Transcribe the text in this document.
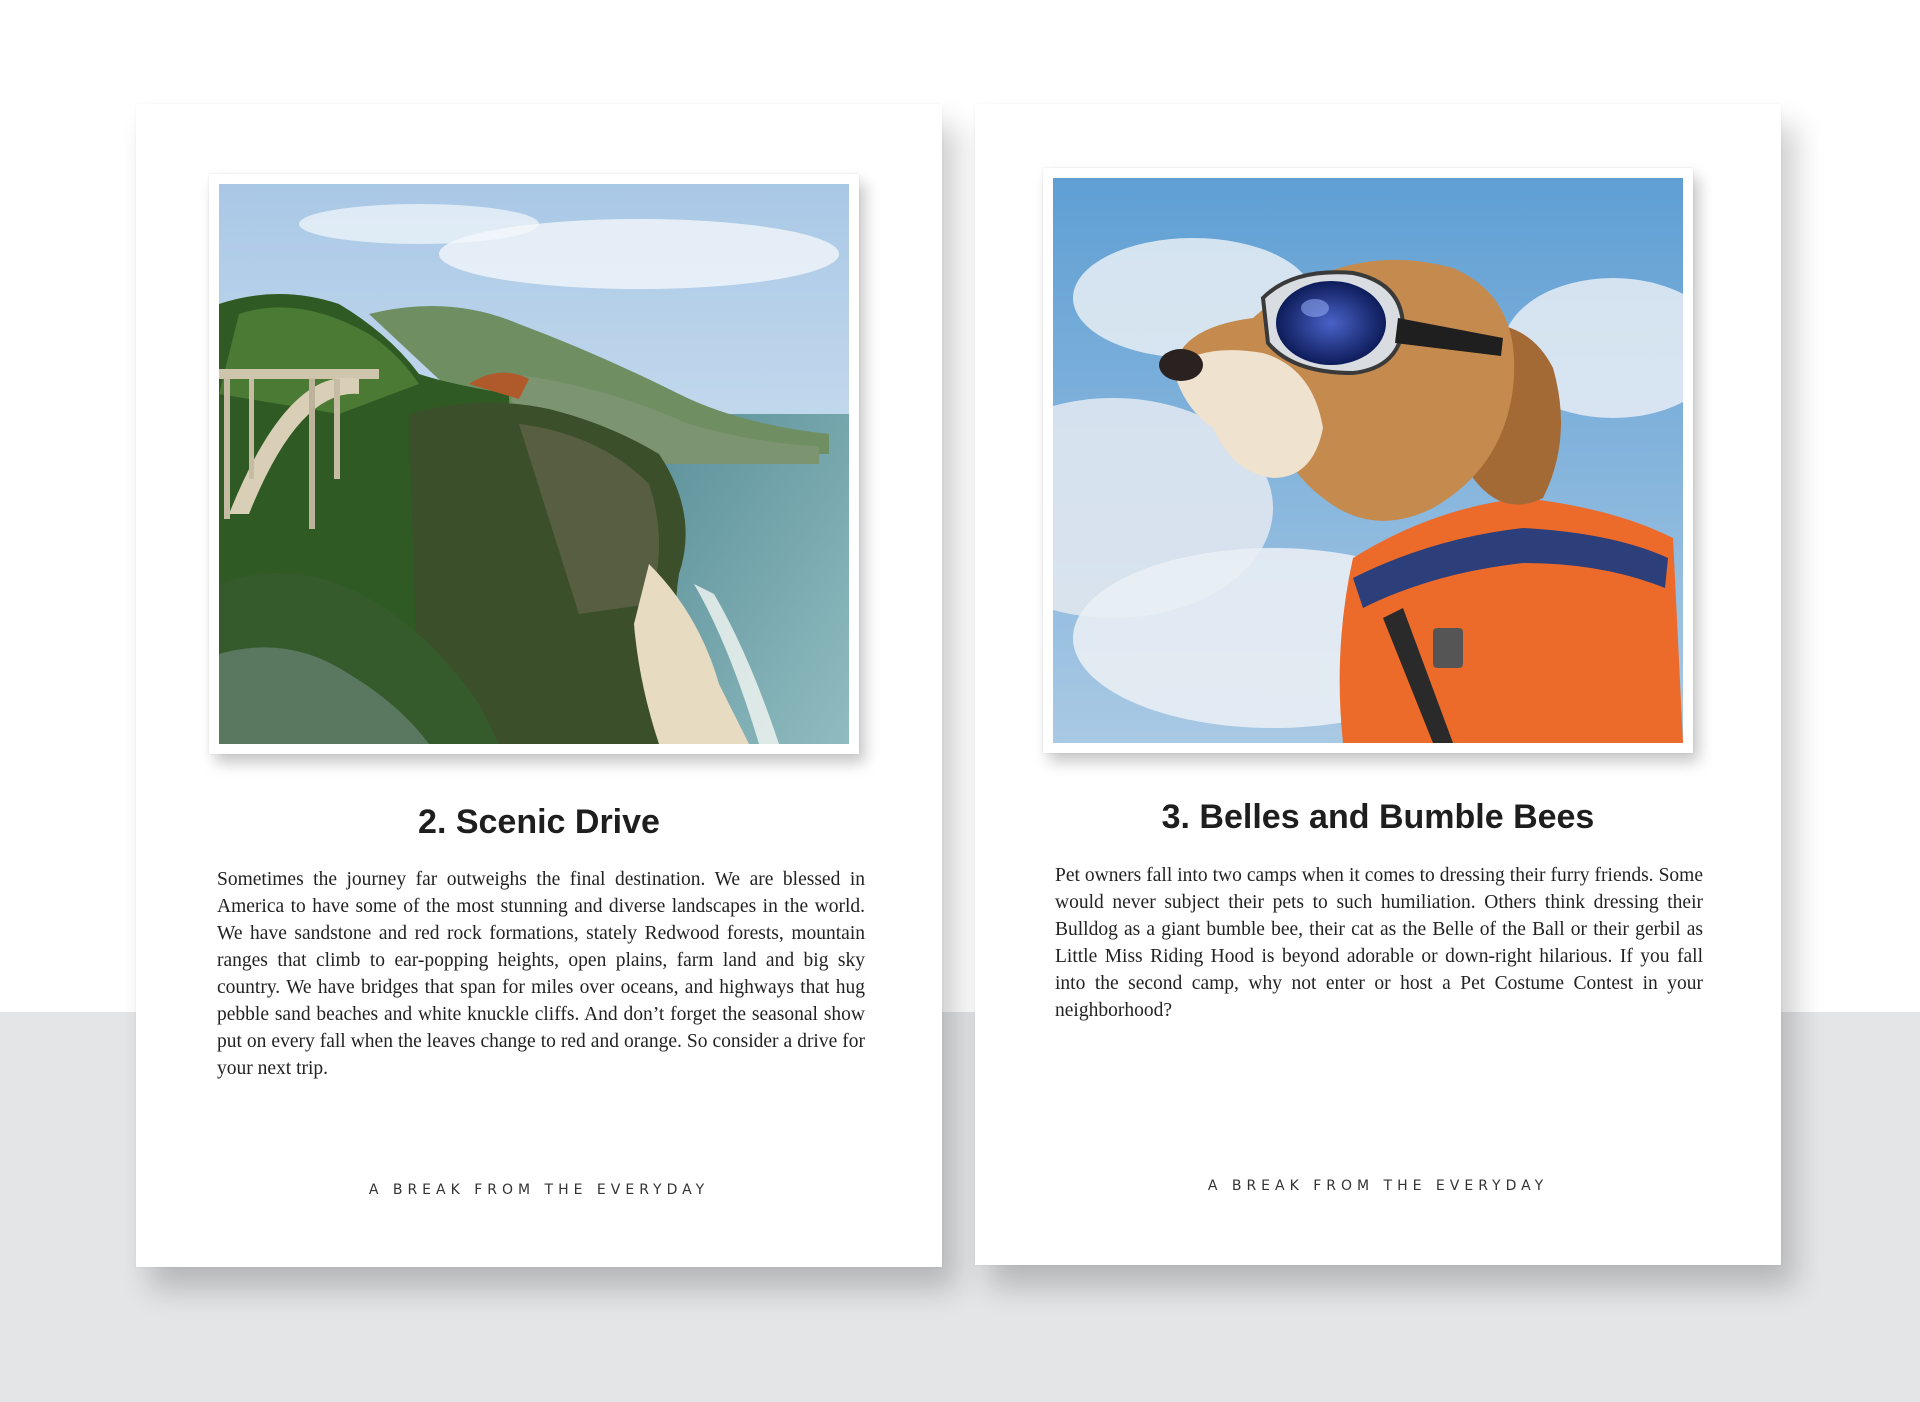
2. Scenic Drive

Sometimes the journey far outweighs the final destination. We are blessed in America to have some of the most stunning and diverse landscapes in the world. We have sandstone and red rock formations, stately Redwood forests, mountain ranges that climb to ear-popping heights, open plains, farm land and big sky country. We have bridges that span for miles over oceans, and highways that hug pebble sand beaches and white knuckle cliffs. And don’t forget the seasonal show put on every fall when the leaves change to red and orange. So consider a drive for your next trip.

A BREAK FROM THE EVERYDAY
3. Belles and Bumble Bees

Pet owners fall into two camps when it comes to dressing their furry friends. Some would never subject their pets to such humiliation. Others think dressing their Bulldog as a giant bumble bee, their cat as the Belle of the Ball or their gerbil as Little Miss Riding Hood is beyond adorable or down-right hilarious. If you fall into the second camp, why not enter or host a Pet Costume Contest in your neighborhood?

A BREAK FROM THE EVERYDAY
